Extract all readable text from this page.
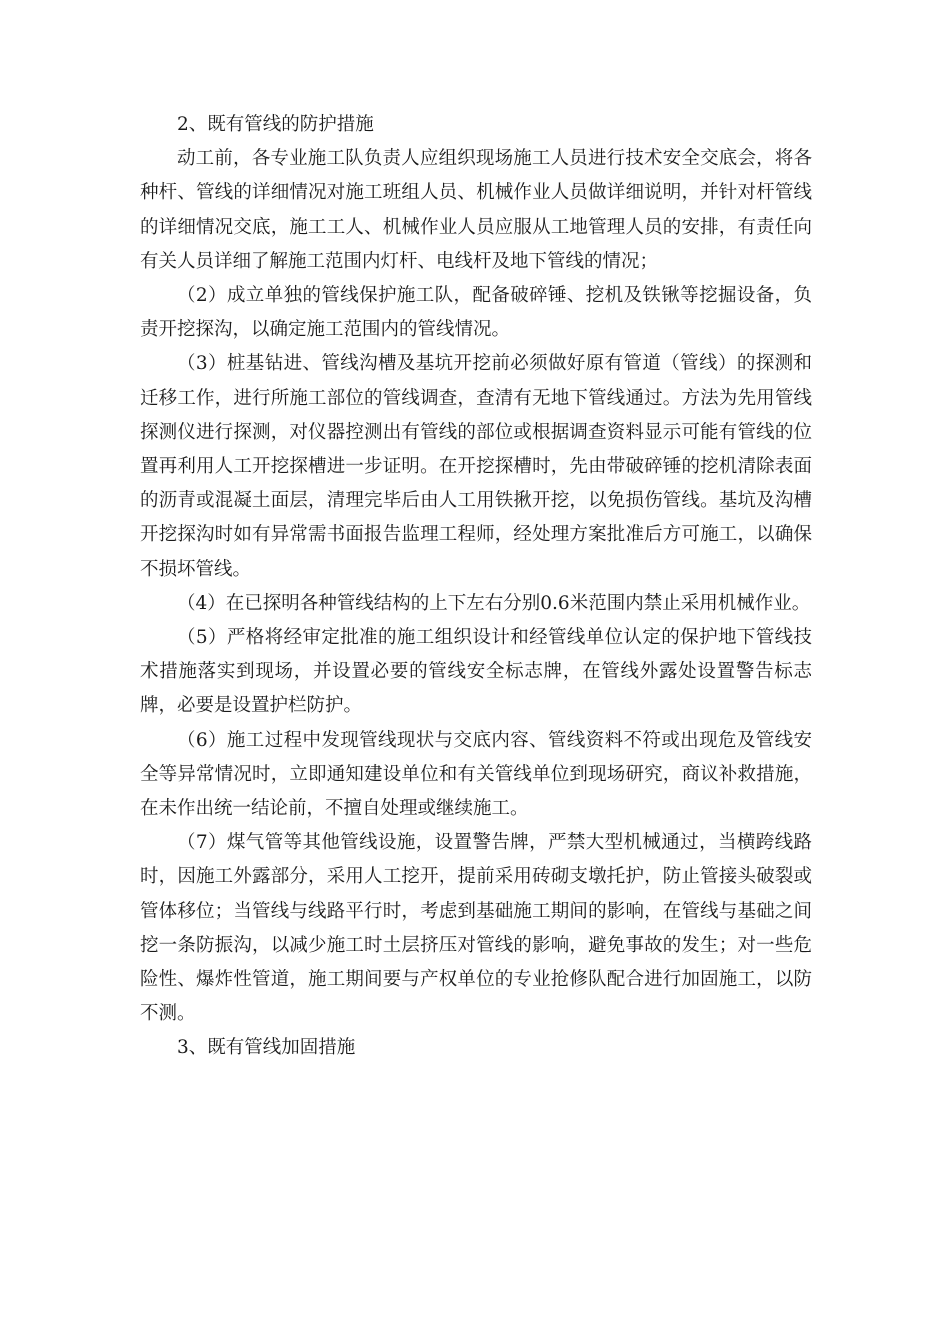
2、既有管线的防护措施

动工前，各专业施工队负责人应组织现场施工人员进行技术安全交底会，将各种杆、管线的详细情况对施工班组人员、机械作业人员做详细说明，并针对杆管线的详细情况交底，施工工人、机械作业人员应服从工地管理人员的安排，有责任向有关人员详细了解施工范围内灯杆、电线杆及地下管线的情况；

（2）成立单独的管线保护施工队，配备破碎锤、挖机及铁锹等挖掘设备，负责开挖探沟，以确定施工范围内的管线情况。

（3）桩基钻进、管线沟槽及基坑开挖前必须做好原有管道（管线）的探测和迁移工作，进行所施工部位的管线调查，查清有无地下管线通过。方法为先用管线探测仪进行探测，对仪器控测出有管线的部位或根据调查资料显示可能有管线的位置再利用人工开挖探槽进一步证明。在开挖探槽时，先由带破碎锤的挖机清除表面的沥青或混凝土面层，清理完毕后由人工用铁揪开挖，以免损伤管线。基坑及沟槽开挖探沟时如有异常需书面报告监理工程师，经处理方案批准后方可施工，以确保不损坏管线。

（4）在已探明各种管线结构的上下左右分别0.6米范围内禁止采用机械作业。

（5）严格将经审定批准的施工组织设计和经管线单位认定的保护地下管线技术措施落实到现场，并设置必要的管线安全标志牌，在管线外露处设置警告标志牌，必要是设置护栏防护。

（6）施工过程中发现管线现状与交底内容、管线资料不符或出现危及管线安全等异常情况时，立即通知建设单位和有关管线单位到现场研究，商议补救措施，在未作出统一结论前，不擅自处理或继续施工。

（7）煤气管等其他管线设施，设置警告牌，严禁大型机械通过，当横跨线路时，因施工外露部分，采用人工挖开，提前采用砖砌支墩托护，防止管接头破裂或管体移位；当管线与线路平行时，考虑到基础施工期间的影响，在管线与基础之间挖一条防振沟，以减少施工时土层挤压对管线的影响，避免事故的发生；对一些危险性、爆炸性管道，施工期间要与产权单位的专业抢修队配合进行加固施工，以防不测。

3、既有管线加固措施
